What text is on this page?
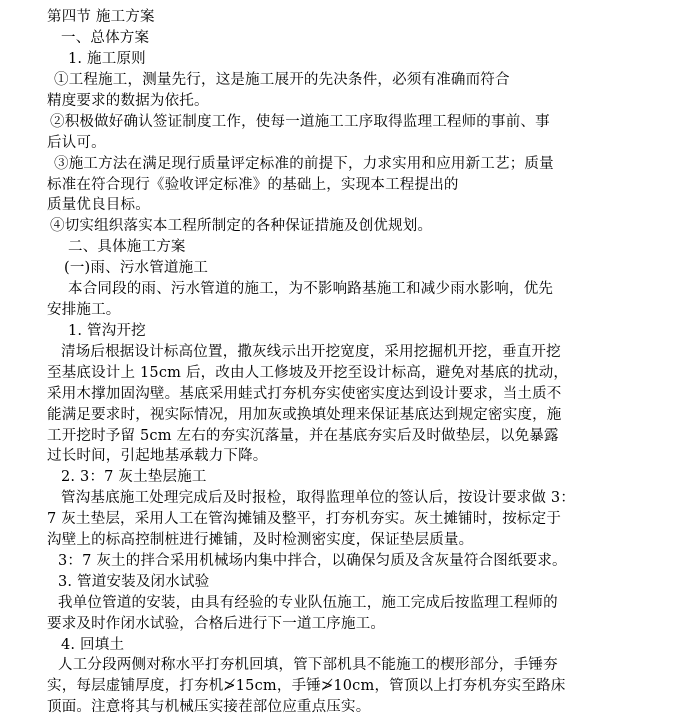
第四节 施工方案
一、总体方案
1. 施工原则
①工程施工，测量先行，这是施工展开的先决条件，必须有准确而符合
精度要求的数据为依托。
②积极做好确认签证制度工作，使每一道施工工序取得监理工程师的事前、事
后认可。
③施工方法在满足现行质量评定标准的前提下，力求实用和应用新工艺；质量
标准在符合现行《验收评定标准》的基础上，实现本工程提出的
质量优良目标。
④切实组织落实本工程所制定的各种保证措施及创优规划。
二、具体施工方案
(一)雨、污水管道施工
本合同段的雨、污水管道的施工，为不影响路基施工和减少雨水影响，优先
安排施工。
1. 管沟开挖
清场后根据设计标高位置，撒灰线示出开挖宽度，采用挖掘机开挖，垂直开挖
至基底设计上 15cm 后，改由人工修坡及开挖至设计标高，避免对基底的扰动，
采用木撑加固沟壁。基底采用蛙式打夯机夯实使密实度达到设计要求，当土质不
能满足要求时，视实际情况，用加灰或换填处理来保证基底达到规定密实度，施
工开挖时予留 5cm 左右的夯实沉落量，并在基底夯实后及时做垫层，以免暴露
过长时间，引起地基承载力下降。
2. 3：7 灰土垫层施工
管沟基底施工处理完成后及时报检，取得监理单位的签认后，按设计要求做 3：
7 灰土垫层，采用人工在管沟摊铺及整平，打夯机夯实。灰土摊铺时，按标定于
沟壁上的标高控制桩进行摊铺，及时检测密实度，保证垫层质量。
3：7 灰土的拌合采用机械场内集中拌合，以确保匀质及含灰量符合图纸要求。
3. 管道安装及闭水试验
我单位管道的安装，由具有经验的专业队伍施工，施工完成后按监理工程师的
要求及时作闭水试验，合格后进行下一道工序施工。
4. 回填土
人工分段两侧对称水平打夯机回填，管下部机具不能施工的楔形部分，手锤夯
实，每层虚铺厚度，打夯机≯15cm，手锤≯10cm，管顶以上打夯机夯实至路床
顶面。注意将其与机械压实接茬部位应重点压实。
